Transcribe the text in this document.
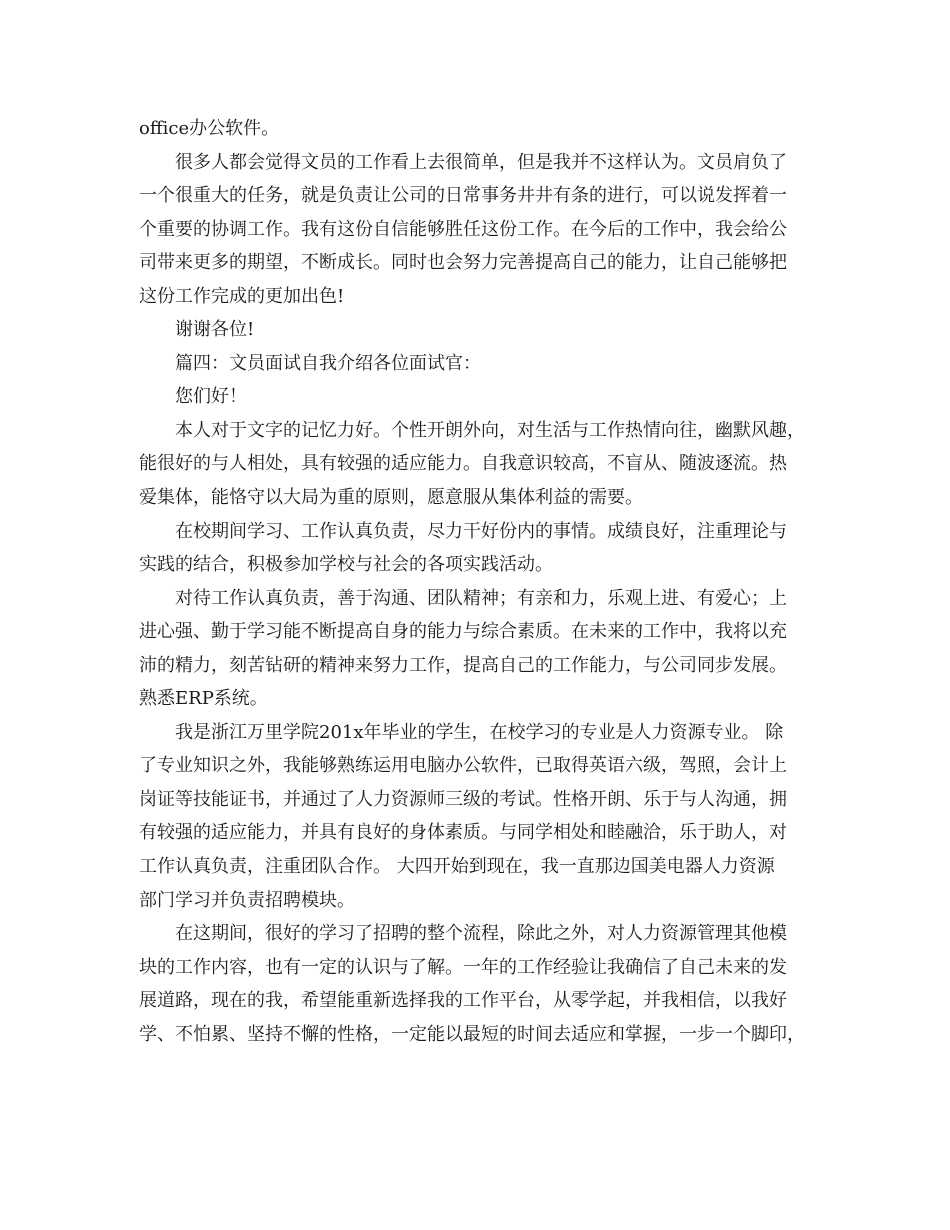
office办公软件。
很多人都会觉得文员的工作看上去很简单，但是我并不这样认为。文员肩负了
一个很重大的任务，就是负责让公司的日常事务井井有条的进行，可以说发挥着一
个重要的协调工作。我有这份自信能够胜任这份工作。在今后的工作中，我会给公
司带来更多的期望，不断成长。同时也会努力完善提高自己的能力，让自己能够把
这份工作完成的更加出色!
谢谢各位!
篇四：文员面试自我介绍各位面试官：
您们好！
本人对于文字的记忆力好。个性开朗外向，对生活与工作热情向往，幽默风趣，
能很好的与人相处，具有较强的适应能力。自我意识较高，不盲从、随波逐流。热
爱集体，能恪守以大局为重的原则，愿意服从集体利益的需要。
在校期间学习、工作认真负责，尽力干好份内的事情。成绩良好，注重理论与
实践的结合，积极参加学校与社会的各项实践活动。
对待工作认真负责，善于沟通、团队精神；有亲和力，乐观上进、有爱心；上
进心强、勤于学习能不断提高自身的能力与综合素质。在未来的工作中，我将以充
沛的精力，刻苦钻研的精神来努力工作，提高自己的工作能力，与公司同步发展。
熟悉ERP系统。
我是浙江万里学院201x年毕业的学生，在校学习的专业是人力资源专业。 除
了专业知识之外，我能够熟练运用电脑办公软件，已取得英语六级，驾照，会计上
岗证等技能证书，并通过了人力资源师三级的考试。性格开朗、乐于与人沟通，拥
有较强的适应能力，并具有良好的身体素质。与同学相处和睦融洽，乐于助人，对
工作认真负责，注重团队合作。 大四开始到现在，我一直那边国美电器人力资源
部门学习并负责招聘模块。
在这期间，很好的学习了招聘的整个流程，除此之外，对人力资源管理其他模
块的工作内容，也有一定的认识与了解。一年的工作经验让我确信了自己未来的发
展道路，现在的我，希望能重新选择我的工作平台，从零学起，并我相信，以我好
学、不怕累、坚持不懈的性格，一定能以最短的时间去适应和掌握，一步一个脚印，
